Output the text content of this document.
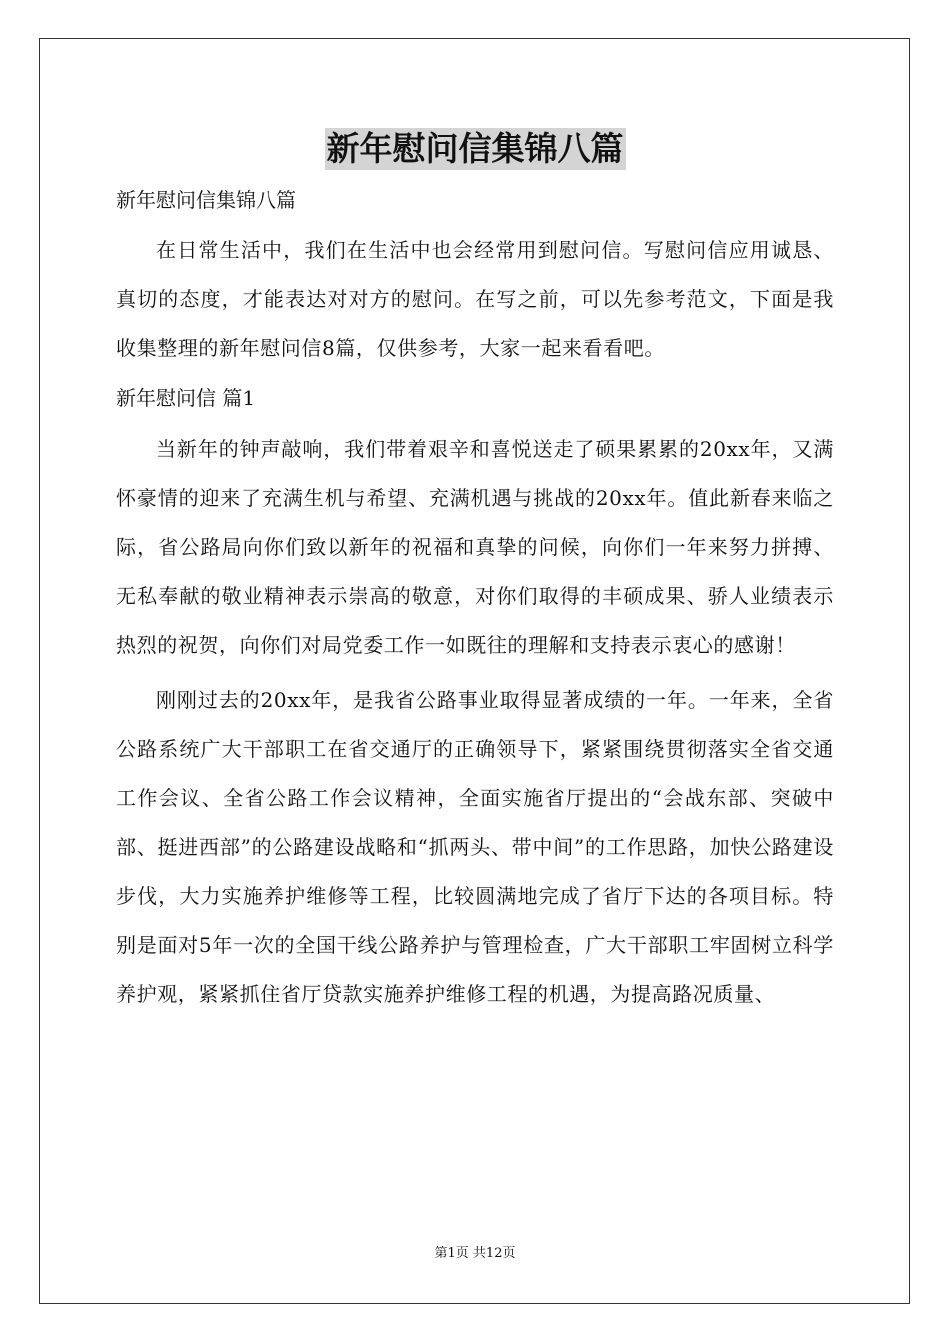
新年慰问信集锦八篇

新年慰问信集锦八篇

在日常生活中，我们在生活中也会经常用到慰问信。写慰问信应用诚恳、真切的态度，才能表达对对方的慰问。在写之前，可以先参考范文，下面是我收集整理的新年慰问信8篇，仅供参考，大家一起来看看吧。

新年慰问信 篇1

当新年的钟声敲响，我们带着艰辛和喜悦送走了硕果累累的20xx年，又满怀豪情的迎来了充满生机与希望、充满机遇与挑战的20xx年。值此新春来临之际，省公路局向你们致以新年的祝福和真挚的问候，向你们一年来努力拼搏、无私奉献的敬业精神表示崇高的敬意，对你们取得的丰硕成果、骄人业绩表示热烈的祝贺，向你们对局党委工作一如既往的理解和支持表示衷心的感谢！

刚刚过去的20xx年，是我省公路事业取得显著成绩的一年。一年来，全省公路系统广大干部职工在省交通厅的正确领导下，紧紧围绕贯彻落实全省交通工作会议、全省公路工作会议精神，全面实施省厅提出的“会战东部、突破中部、挺进西部”的公路建设战略和“抓两头、带中间”的工作思路，加快公路建设步伐，大力实施养护维修等工程，比较圆满地完成了省厅下达的各项目标。特别是面对5年一次的全国干线公路养护与管理检查，广大干部职工牢固树立科学养护观，紧紧抓住省厅贷款实施养护维修工程的机遇，为提高路况质量、

第1页 共12页
